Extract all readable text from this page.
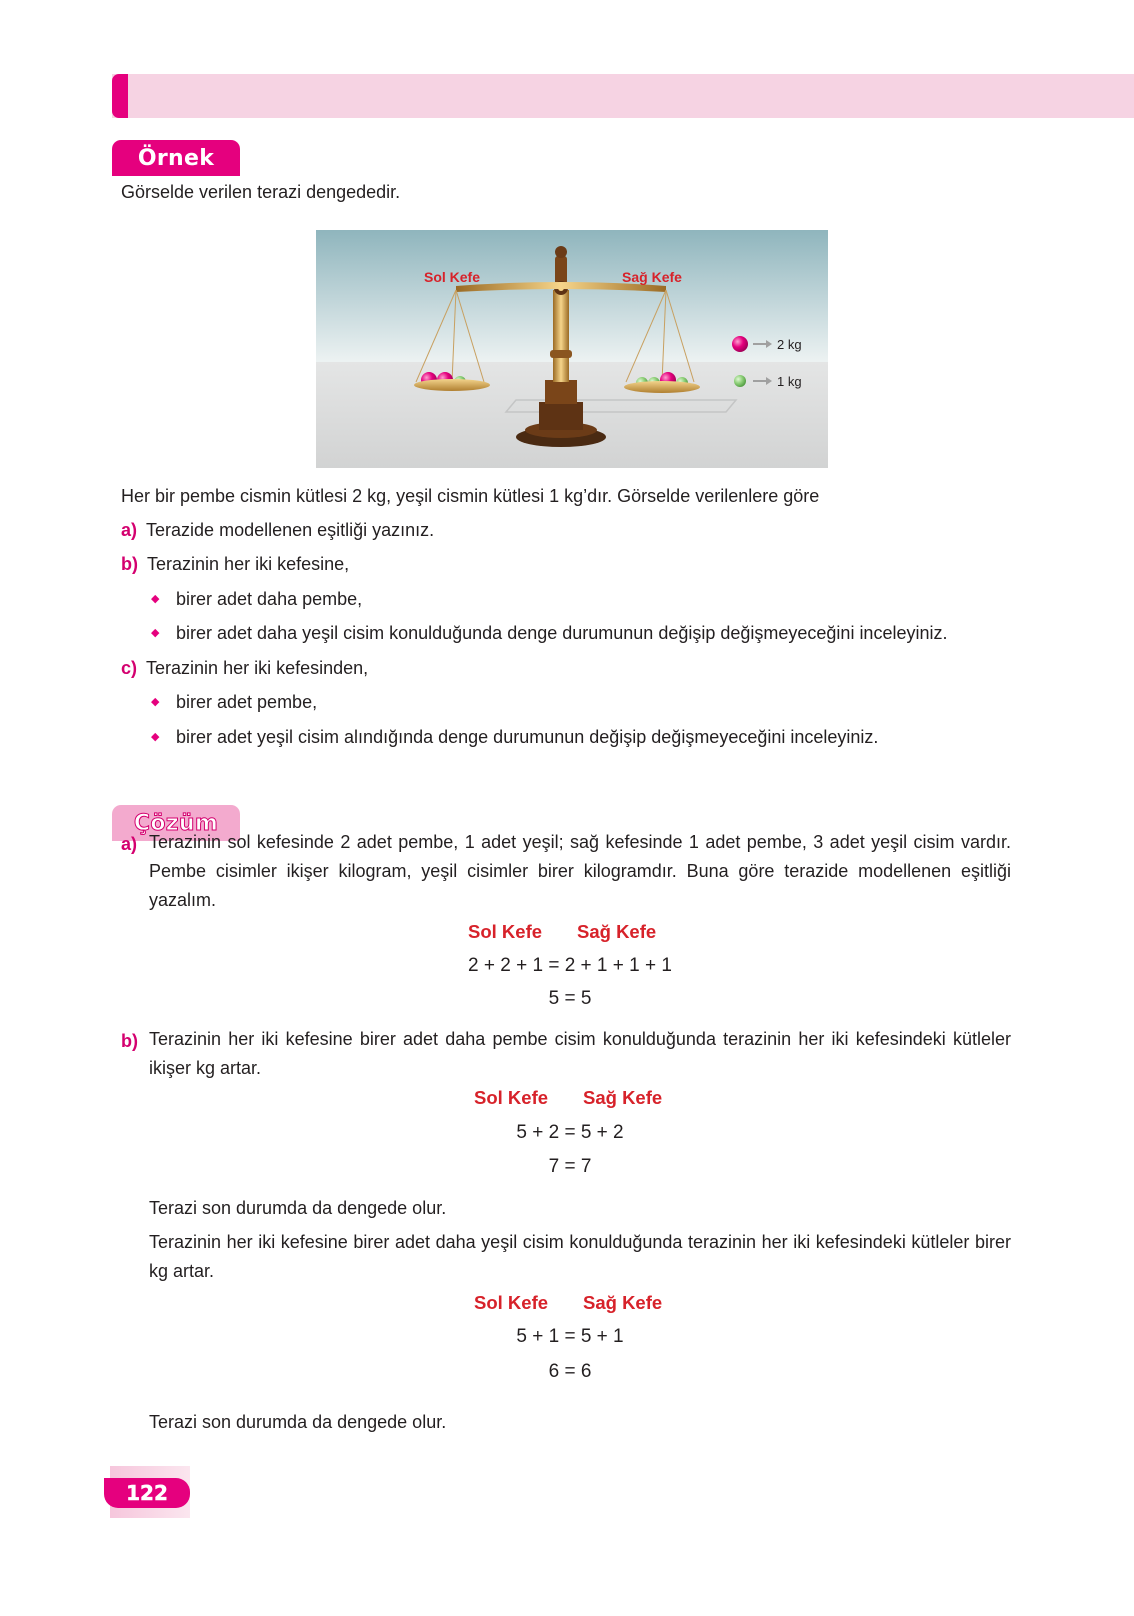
Örnek
Görselde verilen terazi dengededir.
Sol Kefe	Sağ Kefe
2 kg
1 kg
Her bir pembe cismin kütlesi 2 kg, yeşil cismin kütlesi 1 kg’dır. Görselde verilenlere göre
a) Terazide modellenen eşitliği yazınız.
b) Terazinin her iki kefesine,
◆ birer adet daha pembe,
◆ birer adet daha yeşil cisim konulduğunda denge durumunun değişip değişmeyeceğini inceleyiniz.
c) Terazinin her iki kefesinden,
◆ birer adet pembe,
◆ birer adet yeşil cisim alındığında denge durumunun değişip değişmeyeceğini inceleyiniz.
Çözüm
a) Terazinin sol kefesinde 2 adet pembe, 1 adet yeşil; sağ kefesinde 1 adet pembe, 3 adet yeşil cisim vardır. Pembe cisimler ikişer kilogram, yeşil cisimler birer kilogramdır. Buna göre terazide modellenen eşitliği yazalım.
Sol Kefe Sağ Kefe
2 + 2 + 1 = 2 + 1 + 1 + 1
5 = 5
b) Terazinin her iki kefesine birer adet daha pembe cisim konulduğunda terazinin her iki kefesindeki kütleler ikişer kg artar.
Sol Kefe Sağ Kefe
5 + 2 = 5 + 2
7 = 7
Terazi son durumda da dengede olur.
Terazinin her iki kefesine birer adet daha yeşil cisim konulduğunda terazinin her iki kefesindeki kütleler birer kg artar.
Sol Kefe Sağ Kefe
5 + 1 = 5 + 1
6 = 6
Terazi son durumda da dengede olur.
122
